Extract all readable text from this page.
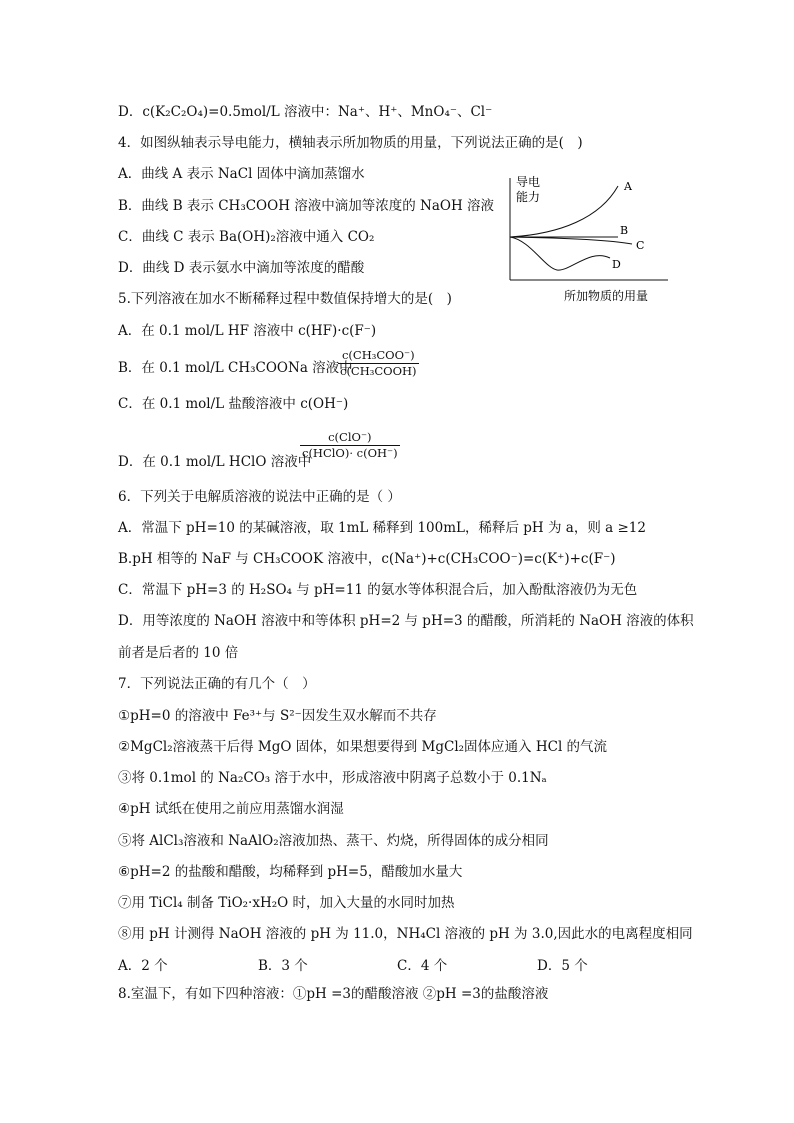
D．c(K₂C₂O₄)=0.5mol/L 溶液中：Na⁺、H⁺、MnO₄⁻、Cl⁻
4．如图纵轴表示导电能力，横轴表示所加物质的用量，下列说法正确的是(　)
A．曲线 A 表示 NaCl 固体中滴加蒸馏水
B．曲线 B 表示 CH₃COOH 溶液中滴加等浓度的 NaOH 溶液
C．曲线 C 表示 Ba(OH)₂溶液中通入 CO₂
D．曲线 D 表示氨水中滴加等浓度的醋酸
导电
能力
A
B
C
D
所加物质的用量
5.下列溶液在加水不断稀释过程中数值保持增大的是(　)
A．在 0.1 mol/L HF 溶液中 c(HF)·c(F⁻)
B．在 0.1 mol/L CH₃COONa 溶液中
c(CH₃COO⁻)
c(CH₃COOH)
C．在 0.1 mol/L 盐酸溶液中 c(OH⁻)
D．在 0.1 mol/L HClO 溶液中
c(ClO⁻)
c(HClO)· c(OH⁻)
6．下列关于电解质溶液的说法中正确的是（ ）
A．常温下 pH=10 的某碱溶液，取 1mL 稀释到 100mL，稀释后 pH 为 a，则 a ≥12
B.pH 相等的 NaF 与 CH₃COOK 溶液中，c(Na⁺)+c(CH₃COO⁻)=c(K⁺)+c(F⁻)
C．常温下 pH=3 的 H₂SO₄ 与 pH=11 的氨水等体积混合后，加入酚酞溶液仍为无色
D．用等浓度的 NaOH 溶液中和等体积 pH=2 与 pH=3 的醋酸，所消耗的 NaOH 溶液的体积
前者是后者的 10 倍
7．下列说法正确的有几个（　）
①pH=0 的溶液中 Fe³⁺与 S²⁻因发生双水解而不共存
②MgCl₂溶液蒸干后得 MgO 固体，如果想要得到 MgCl₂固体应通入 HCl 的气流
③将 0.1mol 的 Na₂CO₃ 溶于水中，形成溶液中阴离子总数小于 0.1Nₐ
④pH 试纸在使用之前应用蒸馏水润湿
⑤将 AlCl₃溶液和 NaAlO₂溶液加热、蒸干、灼烧，所得固体的成分相同
⑥pH=2 的盐酸和醋酸，均稀释到 pH=5，醋酸加水量大
⑦用 TiCl₄ 制备 TiO₂·xH₂O 时，加入大量的水同时加热
⑧用 pH 计测得 NaOH 溶液的 pH 为 11.0，NH₄Cl 溶液的 pH 为 3.0,因此水的电离程度相同
A．2 个	B．3 个	C．4 个	D．5 个
8.室温下，有如下四种溶液：①pH =3的醋酸溶液 ②pH =3的盐酸溶液
